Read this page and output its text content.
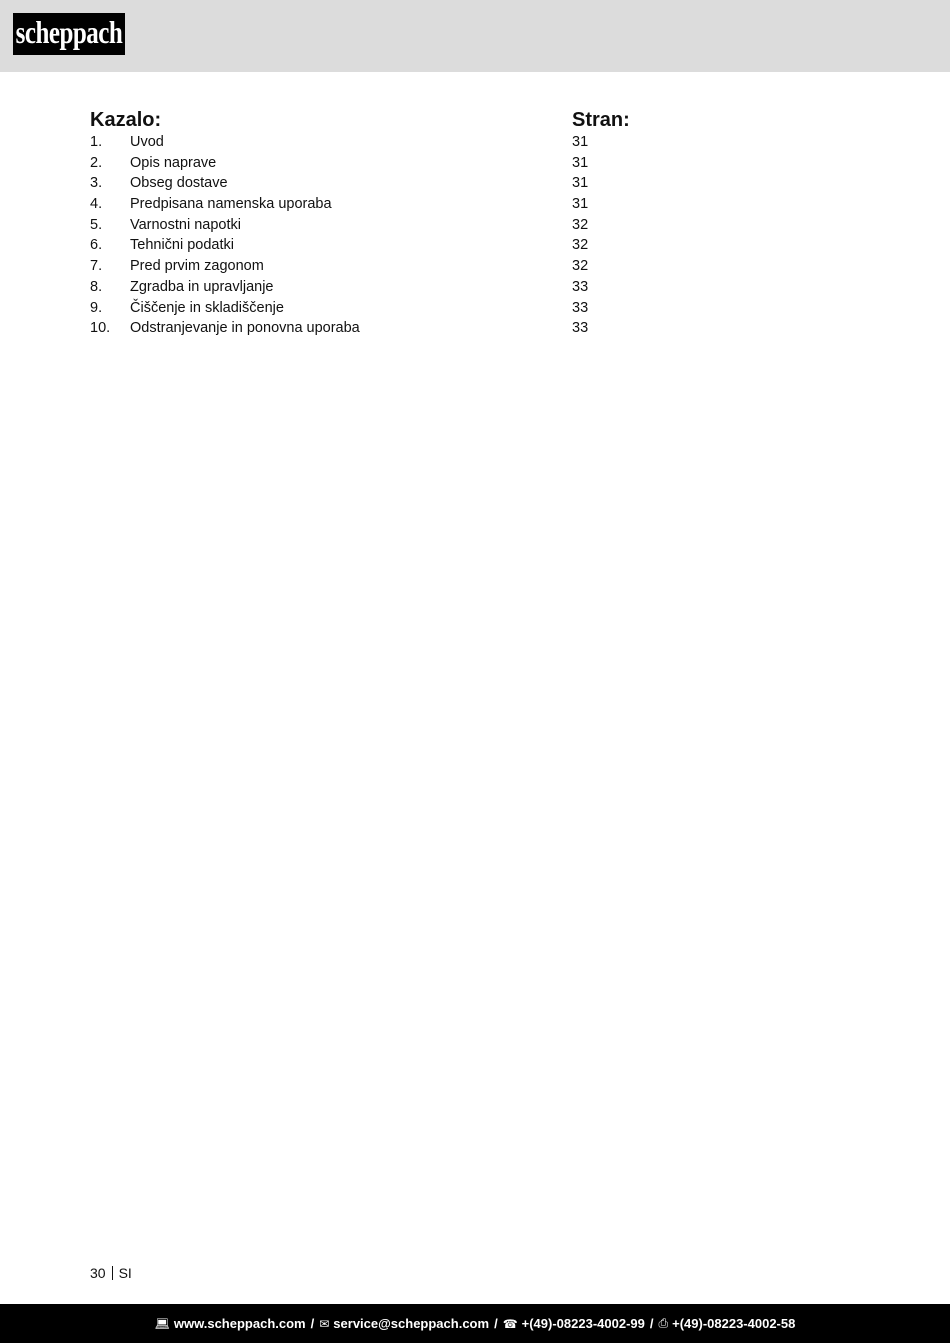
scheppach
Kazalo:	Stran:
1. Uvod	31
2. Opis naprave	31
3. Obseg dostave	31
4. Predpisana namenska uporaba	31
5. Varnostni napotki	32
6. Tehnični podatki	32
7. Pred prvim zagonom	32
8. Zgradba in upravljanje	33
9. Čiščenje in skladiščenje	33
10. Odstranjevanje in ponovna uporaba	33
30 SI
💻︎ www.scheppach.com / ✉︎ service@scheppach.com / ☎︎ +(49)-08223-4002-99 / ⎙︎ +(49)-08223-4002-58
